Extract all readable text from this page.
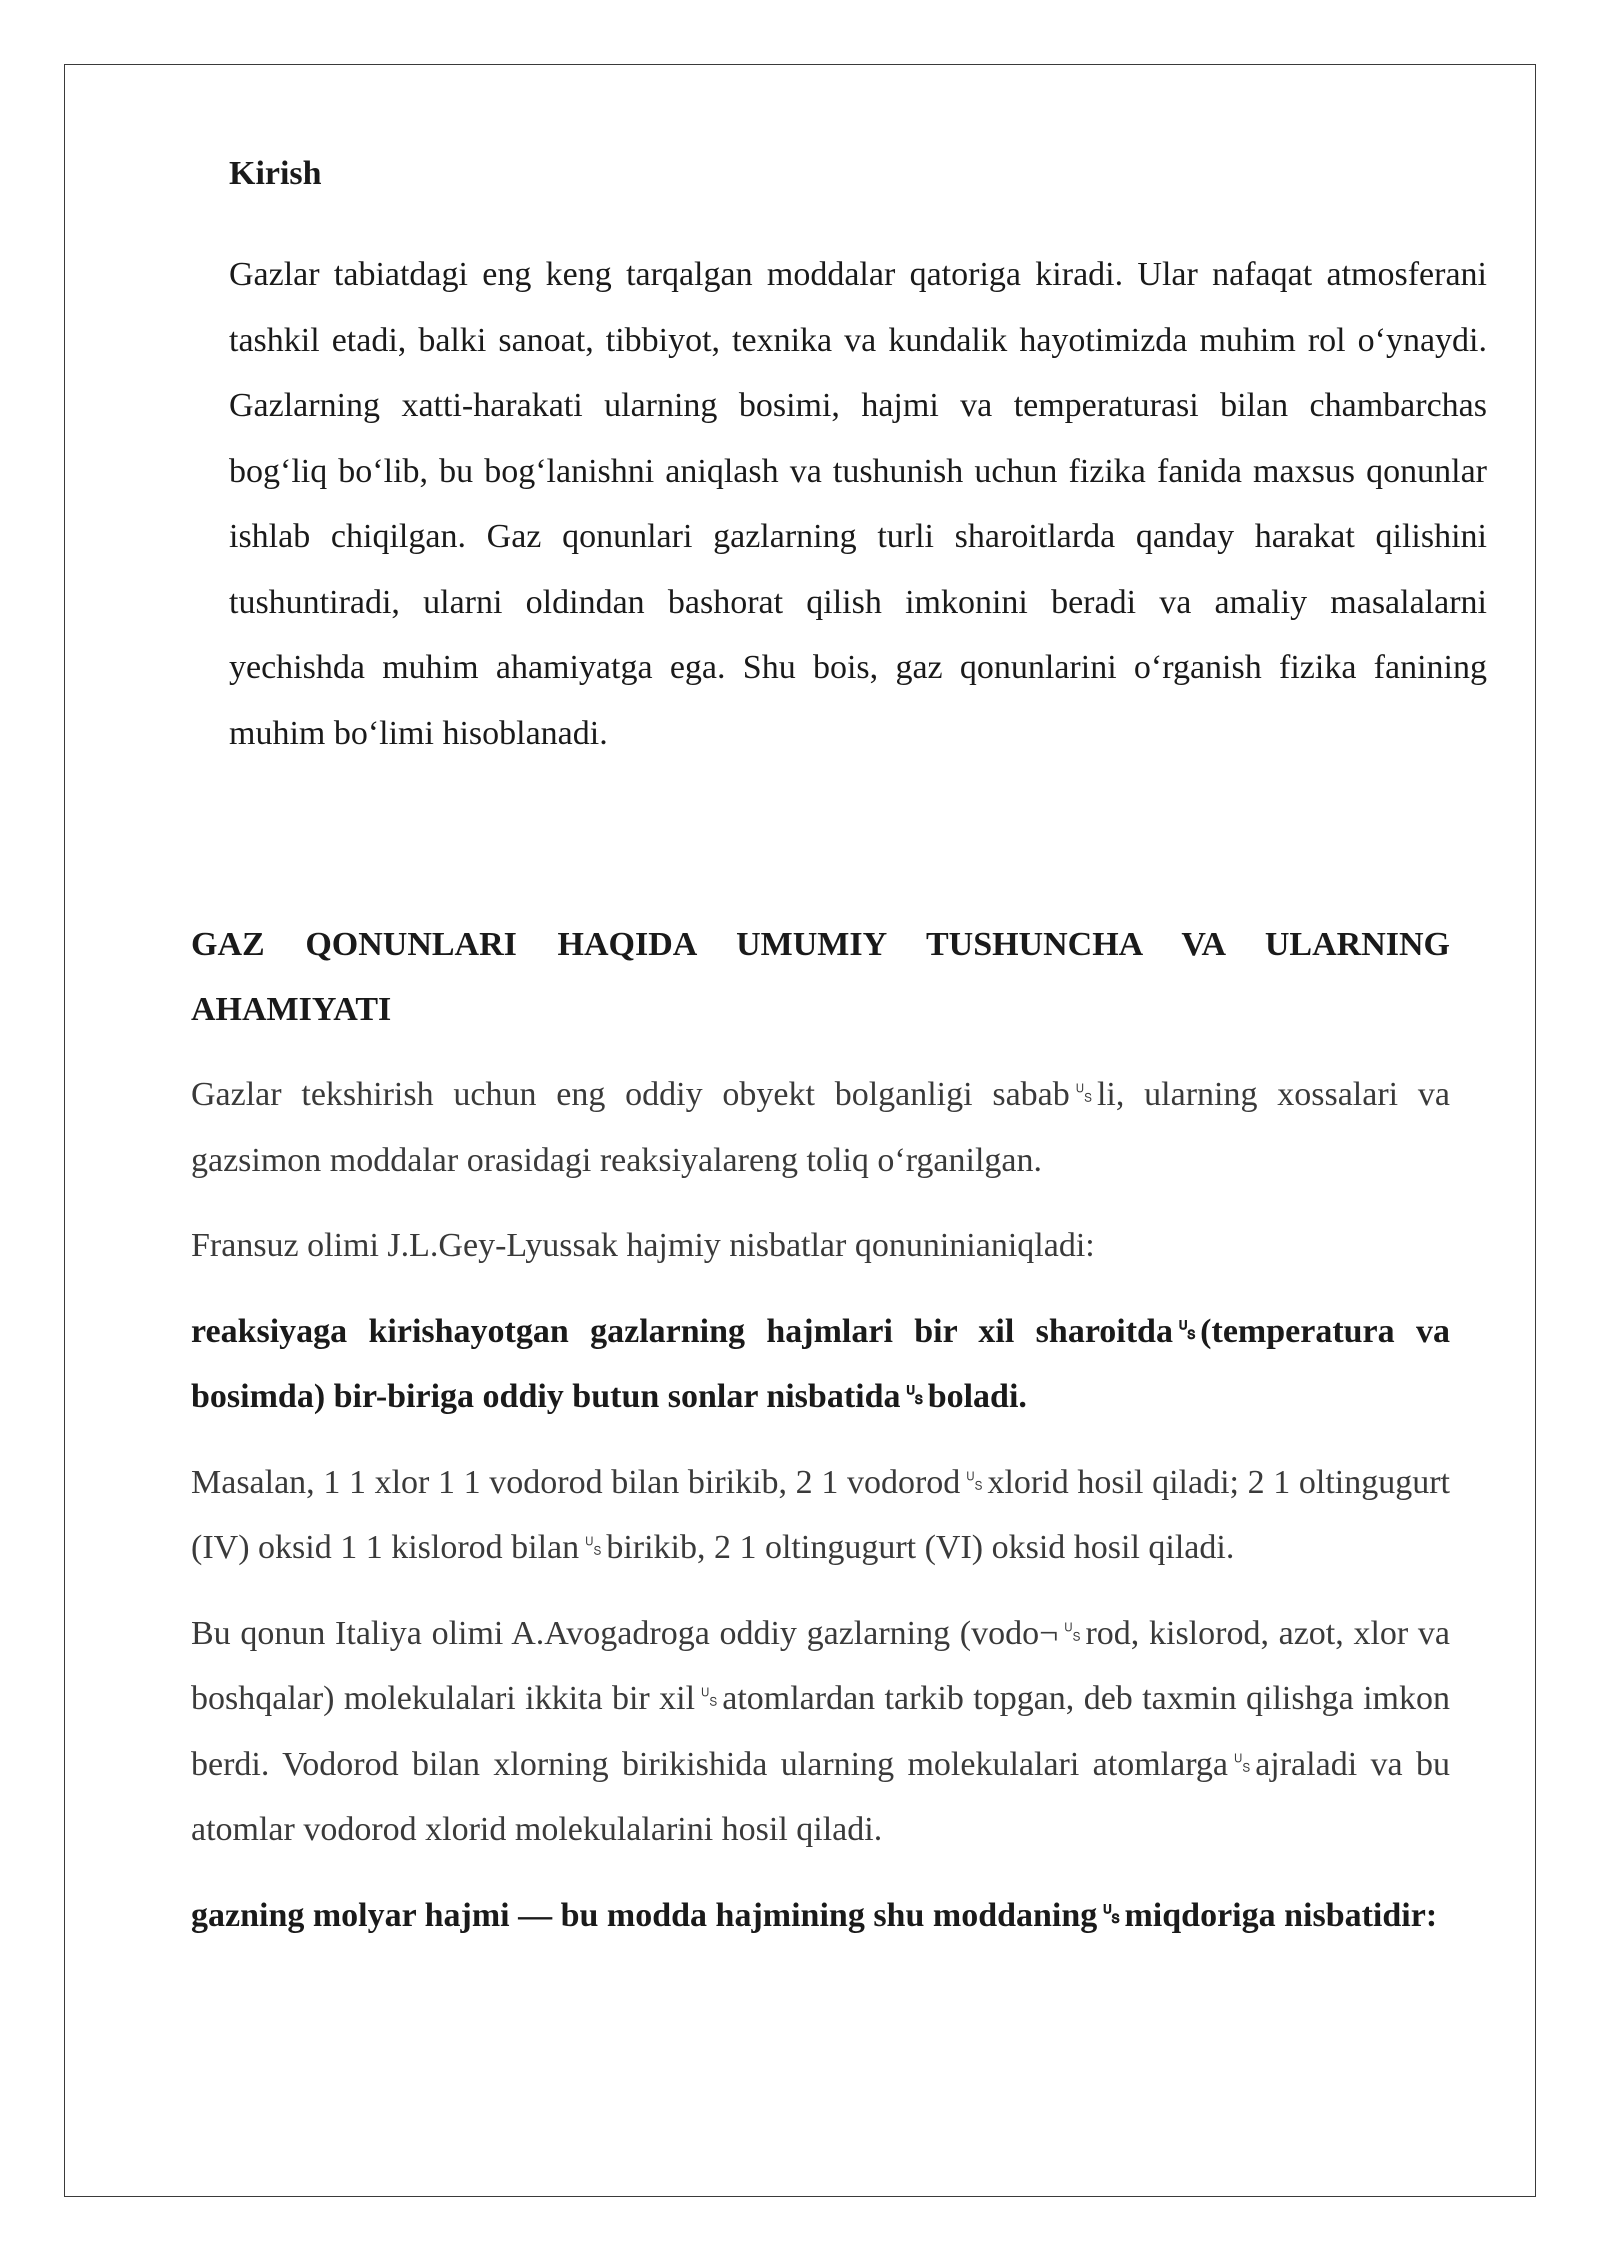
Kirish

Gazlar tabiatdagi eng keng tarqalgan moddalar qatoriga kiradi. Ular nafaqat atmosferani tashkil etadi, balki sanoat, tibbiyot, texnika va kundalik hayotimizda muhim rol o‘ynaydi. Gazlarning xatti-harakati ularning bosimi, hajmi va temperaturasi bilan chambarchas bog‘liq bo‘lib, bu bog‘lanishni aniqlash va tushunish uchun fizika fanida maxsus qonunlar ishlab chiqilgan. Gaz qonunlari gazlarning turli sharoitlarda qanday harakat qilishini tushuntiradi, ularni oldindan bashorat qilish imkonini beradi va amaliy masalalarni yechishda muhim ahamiyatga ega. Shu bois, gaz qonunlarini o‘rganish fizika fanining muhim bo‘limi hisoblanadi.

GAZ QONUNLARI HAQIDA UMUMIY TUSHUNCHA VA ULARNING AHAMIYATI

Gazlar tekshirish uchun eng oddiy obyekt bolganligi sabab␟li, ularning xossalari va gazsimon moddalar orasidagi reaksiyalareng toliq o‘rganilgan.

Fransuz olimi J.L.Gey-Lyussak hajmiy nisbatlar qonuninianiqladi:

reaksiyaga kirishayotgan gazlarning hajmlari bir xil sharoitda␟(temperatura va bosimda) bir-biriga oddiy butun sonlar nisbatida␟boladi.

Masalan, 1 1 xlor 1 1 vodorod bilan birikib, 2 1 vodorod␟xlorid hosil qiladi; 2 1 oltingugurt (IV) oksid 1 1 kislorod bilan␟birikib, 2 1 oltingugurt (VI) oksid hosil qiladi.

Bu qonun Italiya olimi A.Avogadroga oddiy gazlarning (vodo¬␟rod, kislorod, azot, xlor va boshqalar) molekulalari ikkita bir xil␟atomlardan tarkib topgan, deb taxmin qilishga imkon berdi. Vodorod bilan xlorning birikishida ularning molekulalari atomlarga␟ajraladi va bu atomlar vodorod xlorid molekulalarini hosil qiladi.

gazning molyar hajmi — bu modda hajmining shu moddaning␟miqdoriga nisbatidir:
